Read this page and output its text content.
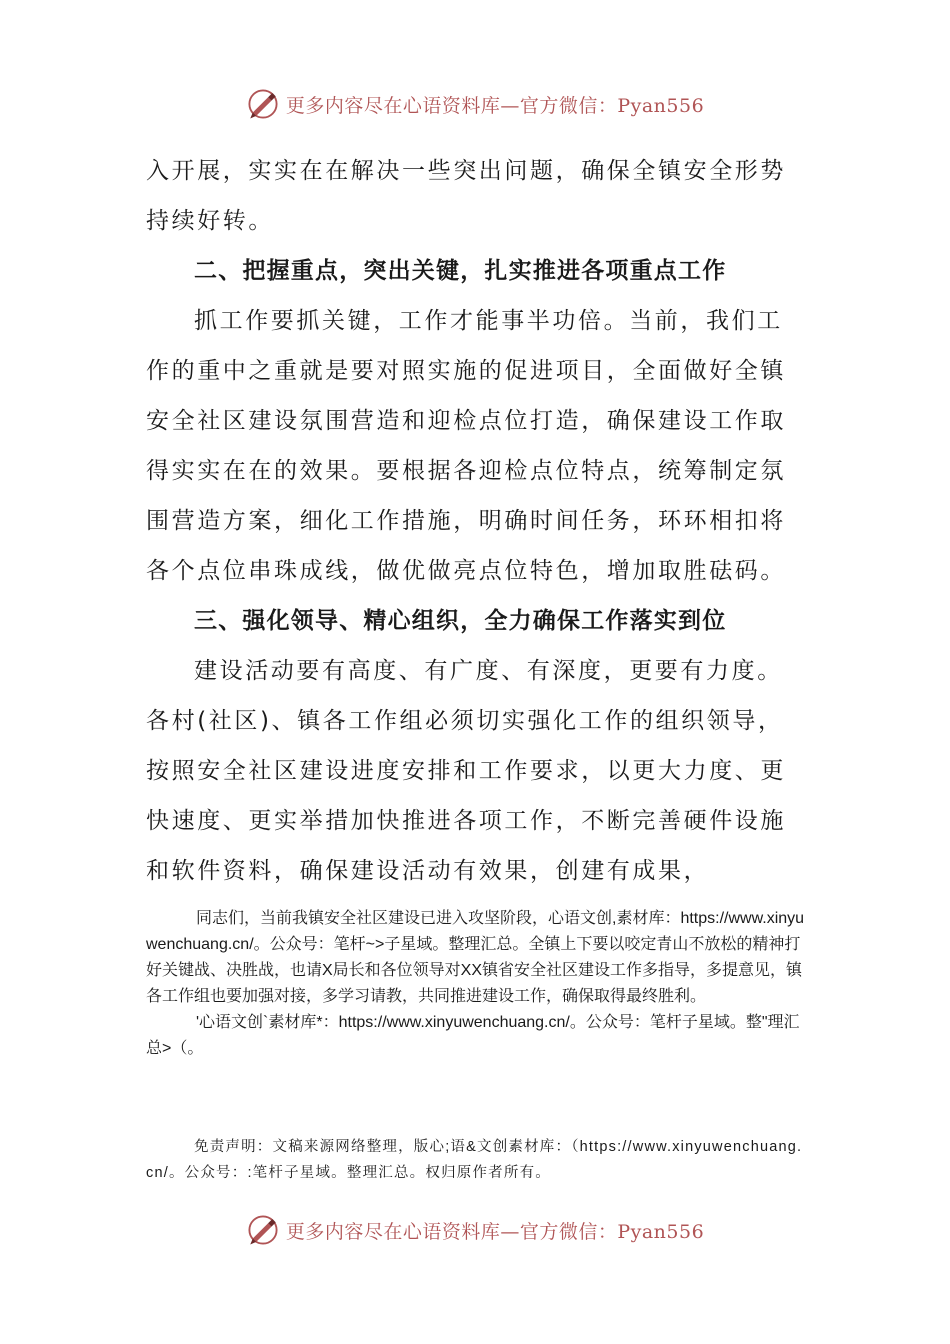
更多内容尽在心语资料库—官方微信：Pyan556

入开展，实实在在解决一些突出问题，确保全镇安全形势持续好转。

二、把握重点，突出关键，扎实推进各项重点工作

抓工作要抓关键，工作才能事半功倍。当前，我们工作的重中之重就是要对照实施的促进项目，全面做好全镇安全社区建设氛围营造和迎检点位打造，确保建设工作取得实实在在的效果。要根据各迎检点位特点，统筹制定氛围营造方案，细化工作措施，明确时间任务，环环相扣将各个点位串珠成线，做优做亮点位特色，增加取胜砝码。

三、强化领导、精心组织，全力确保工作落实到位

建设活动要有高度、有广度、有深度，更要有力度。各村(社区)、镇各工作组必须切实强化工作的组织领导，按照安全社区建设进度安排和工作要求，以更大力度、更快速度、更实举措加快推进各项工作，不断完善硬件设施和软件资料，确保建设活动有效果，创建有成果，

同志们，当前我镇安全社区建设已进入攻坚阶段，心语文创,素材库：https://www.xinyuwenchuang.cn/。公众号：笔杆~>子星域。整理汇总。全镇上下要以咬定青山不放松的精神打好关键战、决胜战，也请X局长和各位领导对XX镇省安全社区建设工作多指导，多提意见，镇各工作组也要加强对接，多学习请教，共同推进建设工作，确保取得最终胜利。

'心语文创`素材库*：https://www.xinyuwenchuang.cn/。公众号：笔杆子星域。整"理汇总>（。

免责声明：文稿来源网络整理，版心;语&文创素材库：（https://www.xinyuwenchuang.cn/。公众号：:笔杆子星域。整理汇总。权归原作者所有。

更多内容尽在心语资料库—官方微信：Pyan556
